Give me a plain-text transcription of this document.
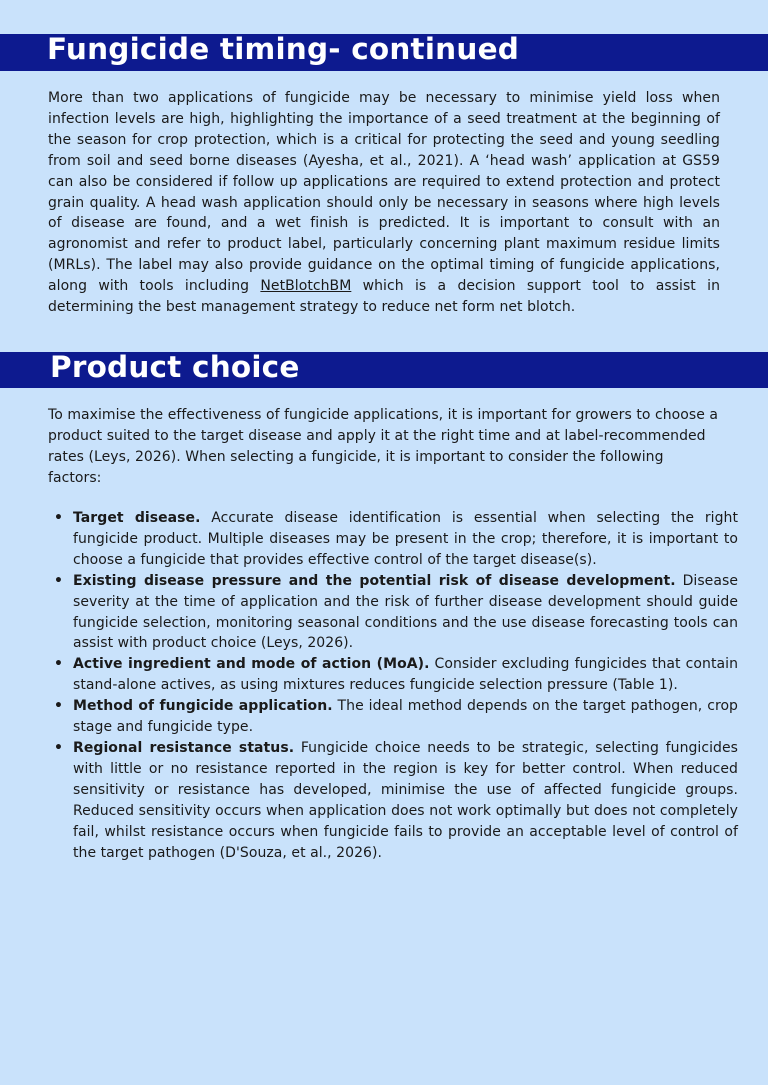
Fungicide timing- continued

More than two applications of fungicide may be necessary to minimise yield loss when infection levels are high, highlighting the importance of a seed treatment at the beginning of the season for crop protection, which is a critical for protecting the seed and young seedling from soil and seed borne diseases (Ayesha, et al., 2021). A ‘head wash’ application at GS59 can also be considered if follow up applications are required to extend protection and protect grain quality. A head wash application should only be necessary in seasons where high levels of disease are found, and a wet finish is predicted. It is important to consult with an agronomist and refer to product label, particularly concerning plant maximum residue limits (MRLs). The label may also provide guidance on the optimal timing of fungicide applications, along with tools including NetBlotchBM which is a decision support tool to assist in determining the best management strategy to reduce net form net blotch.

Product choice

To maximise the effectiveness of fungicide applications, it is important for growers to choose a product suited to the target disease and apply it at the right time and at label-recommended rates (Leys, 2026). When selecting a fungicide, it is important to consider the following factors:

• Target disease. Accurate disease identification is essential when selecting the right fungicide product. Multiple diseases may be present in the crop; therefore, it is important to choose a fungicide that provides effective control of the target disease(s).
• Existing disease pressure and the potential risk of disease development. Disease severity at the time of application and the risk of further disease development should guide fungicide selection, monitoring seasonal conditions and the use disease forecasting tools can assist with product choice (Leys, 2026).
• Active ingredient and mode of action (MoA). Consider excluding fungicides that contain stand-alone actives, as using mixtures reduces fungicide selection pressure (Table 1).
• Method of fungicide application. The ideal method depends on the target pathogen, crop stage and fungicide type.
• Regional resistance status. Fungicide choice needs to be strategic, selecting fungicides with little or no resistance reported in the region is key for better control. When reduced sensitivity or resistance has developed, minimise the use of affected fungicide groups. Reduced sensitivity occurs when application does not work optimally but does not completely fail, whilst resistance occurs when fungicide fails to provide an acceptable level of control of the target pathogen (D'Souza, et al., 2026).
